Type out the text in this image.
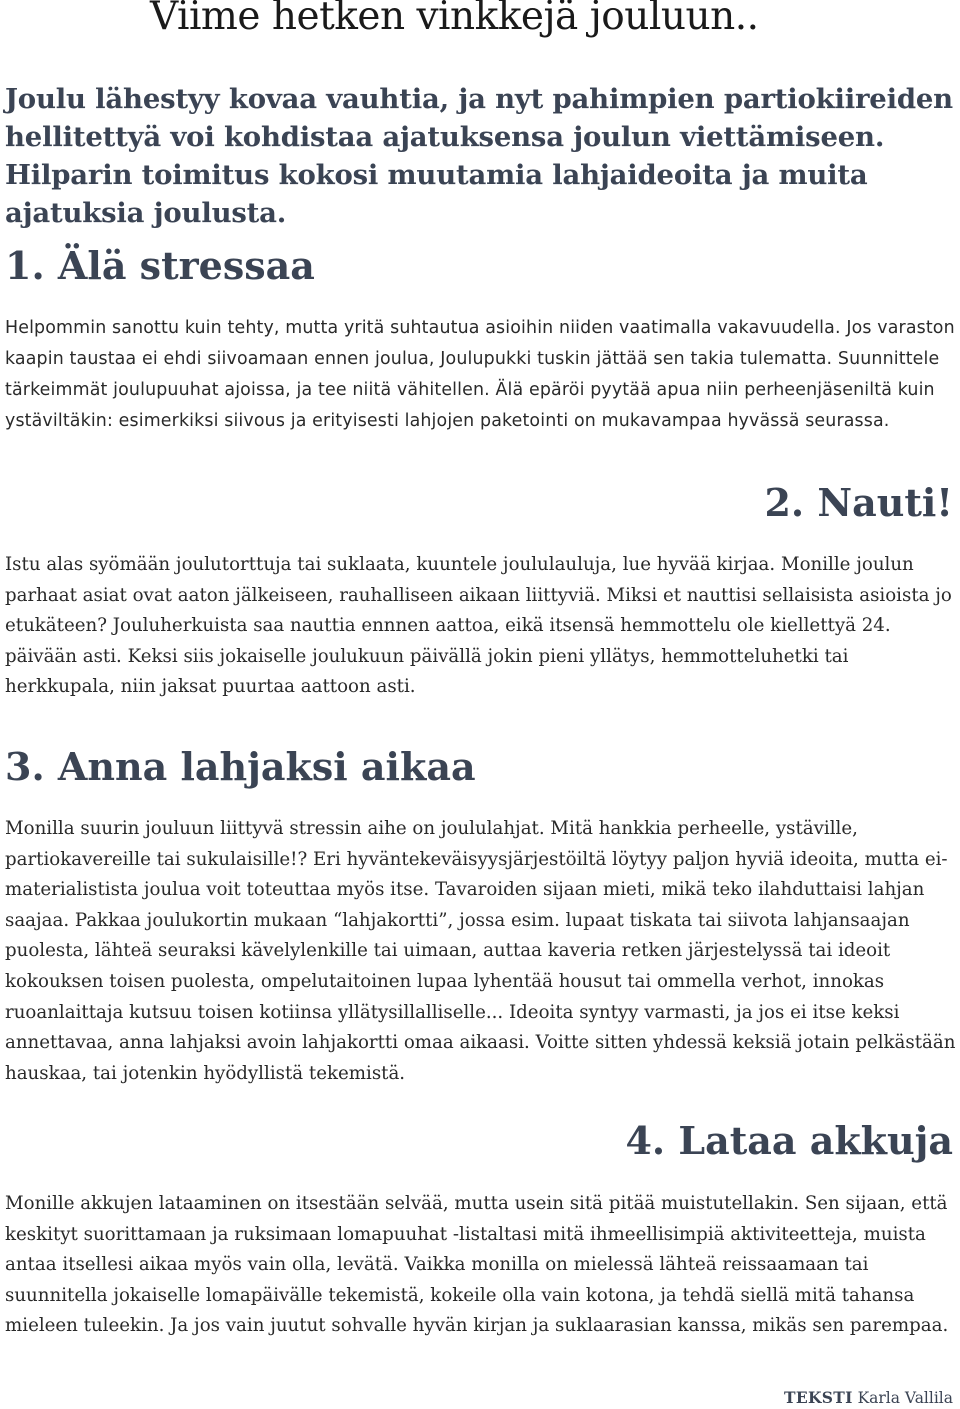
Viime hetken vinkkejä jouluun..

Joulu lähestyy kovaa vauhtia, ja nyt pahimpien partiokiireiden hellitettyä voi kohdistaa ajatuksensa joulun viettämiseen. Hilparin toimitus kokosi muutamia lahjaideoita ja muita ajatuksia joulusta.

1. Älä stressaa

Helpommin sanottu kuin tehty, mutta yritä suhtautua asioihin niiden vaatimalla vakavuudella. Jos varaston kaapin taustaa ei ehdi siivoamaan ennen joulua, Joulupukki tuskin jättää sen takia tulematta. Suunnittele tärkeimmät joulupuuhat ajoissa, ja tee niitä vähitellen. Älä epäröi pyytää apua niin perheenjäseniltä kuin ystäviltäkin: esimerkiksi siivous ja erityisesti lahjojen paketointi on mukavampaa hyvässä seurassa.

2. Nauti!

Istu alas syömään joulutorttuja tai suklaata, kuuntele joululauluja, lue hyvää kirjaa. Monille joulun parhaat asiat ovat aaton jälkeiseen, rauhalliseen aikaan liittyviä. Miksi et nauttisi sellaisista asioista jo etukäteen? Jouluherkuista saa nauttia ennnen aattoa, eikä itsensä hemmottelu ole kiellettyä 24. päivään asti. Keksi siis jokaiselle joulukuun päivällä jokin pieni yllätys, hemmotteluhetki tai herkkupala, niin jaksat puurtaa aattoon asti.

3. Anna lahjaksi aikaa

Monilla suurin jouluun liittyvä stressin aihe on joululahjat. Mitä hankkia perheelle, ystäville, partiokavereille tai sukulaisille!? Eri hyväntekeväisyysjärjestöiltä löytyy paljon hyviä ideoita, mutta ei-materialistista joulua voit toteuttaa myös itse. Tavaroiden sijaan mieti, mikä teko ilahduttaisi lahjan saajaa. Pakkaa joulukortin mukaan “lahjakortti”, jossa esim. lupaat tiskata tai siivota lahjansaajan puolesta, lähteä seuraksi kävelylenkille tai uimaan, auttaa kaveria retken järjestelyssä tai ideoit kokouksen toisen puolesta, ompelutaitoinen lupaa lyhentää housut tai ommella verhot, innokas ruoanlaittaja kutsuu toisen kotiinsa yllätysillalliselle... Ideoita syntyy varmasti, ja jos ei itse keksi annettavaa, anna lahjaksi avoin lahjakortti omaa aikaasi. Voitte sitten yhdessä keksiä jotain pelkästään hauskaa, tai jotenkin hyödyllistä tekemistä.

4. Lataa akkuja

Monille akkujen lataaminen on itsestään selvää, mutta usein sitä pitää muistutellakin. Sen sijaan, että keskityt suorittamaan ja ruksimaan lomapuuhat -listaltasi mitä ihmeellisimpiä aktiviteetteja, muista antaa itsellesi aikaa myös vain olla, levätä. Vaikka monilla on mielessä lähteä reissaamaan tai suunnitella jokaiselle lomapäivälle tekemistä, kokeile olla vain kotona, ja tehdä siellä mitä tahansa mieleen tuleekin. Ja jos vain juutut sohvalle hyvän kirjan ja suklaarasian kanssa, mikäs sen parempaa.

TEKSTI Karla Vallila
